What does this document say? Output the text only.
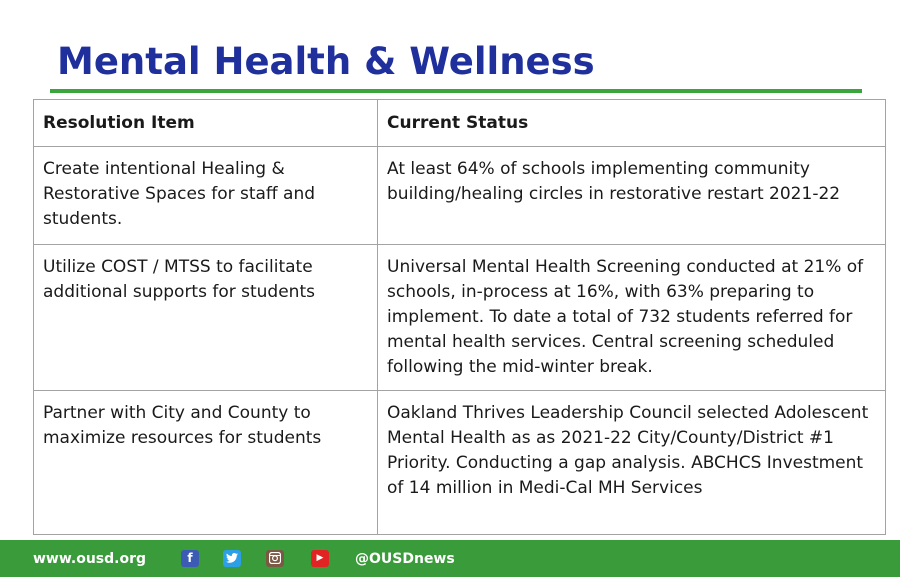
Mental Health & Wellness
Resolution Item	Current Status
Create intentional Healing & Restorative Spaces for staff and students.	At least 64% of schools implementing community building/healing circles in restorative restart 2021-22
Utilize COST / MTSS to facilitate additional supports for students	Universal Mental Health Screening conducted at 21% of schools, in-process at 16%, with 63% preparing to implement. To date a total of 732 students referred for mental health services. Central screening scheduled following the mid-winter break.
Partner with City and County to maximize resources for students	Oakland Thrives Leadership Council selected Adolescent Mental Health as as 2021-22 City/County/District #1 Priority. Conducting a gap analysis. ABCHCS Investment of 14 million in Medi-Cal MH Services
www.ousd.org	f	▶	@OUSDnews
